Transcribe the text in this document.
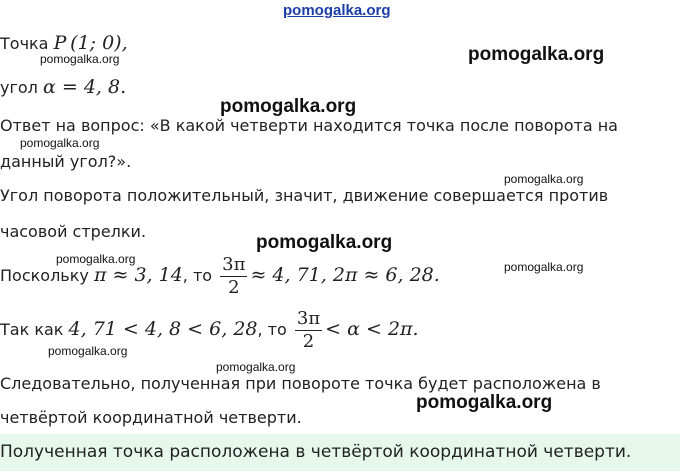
pomogalka.org
pomogalka.org	pomogalka.org
pomogalka.org
pomogalka.org
pomogalka.org
pomogalka.org
pomogalka.org
pomogalka.org
pomogalka.org
pomogalka.org
pomogalka.org
Точка P (1; 0),
угол α = 4, 8.
Ответ на вопрос: «В какой четверти находится точка после поворота на
данный угол?».
Угол поворота положительный, значит, движение совершается против
часовой стрелки.
Поскольку π ≈ 3, 14, то $\frac{3\pi}{2} \approx 4$, 71, 2π ≈ 6, 28.
Так как 4, 71 < 4, 8 < 6, 28, то $\frac{3\pi}{2} < \alpha < 2\pi$.
Следовательно, полученная при повороте точка будет расположена в
четвёртой координатной четверти.
Полученная точка расположена в четвёртой координатной четверти.
